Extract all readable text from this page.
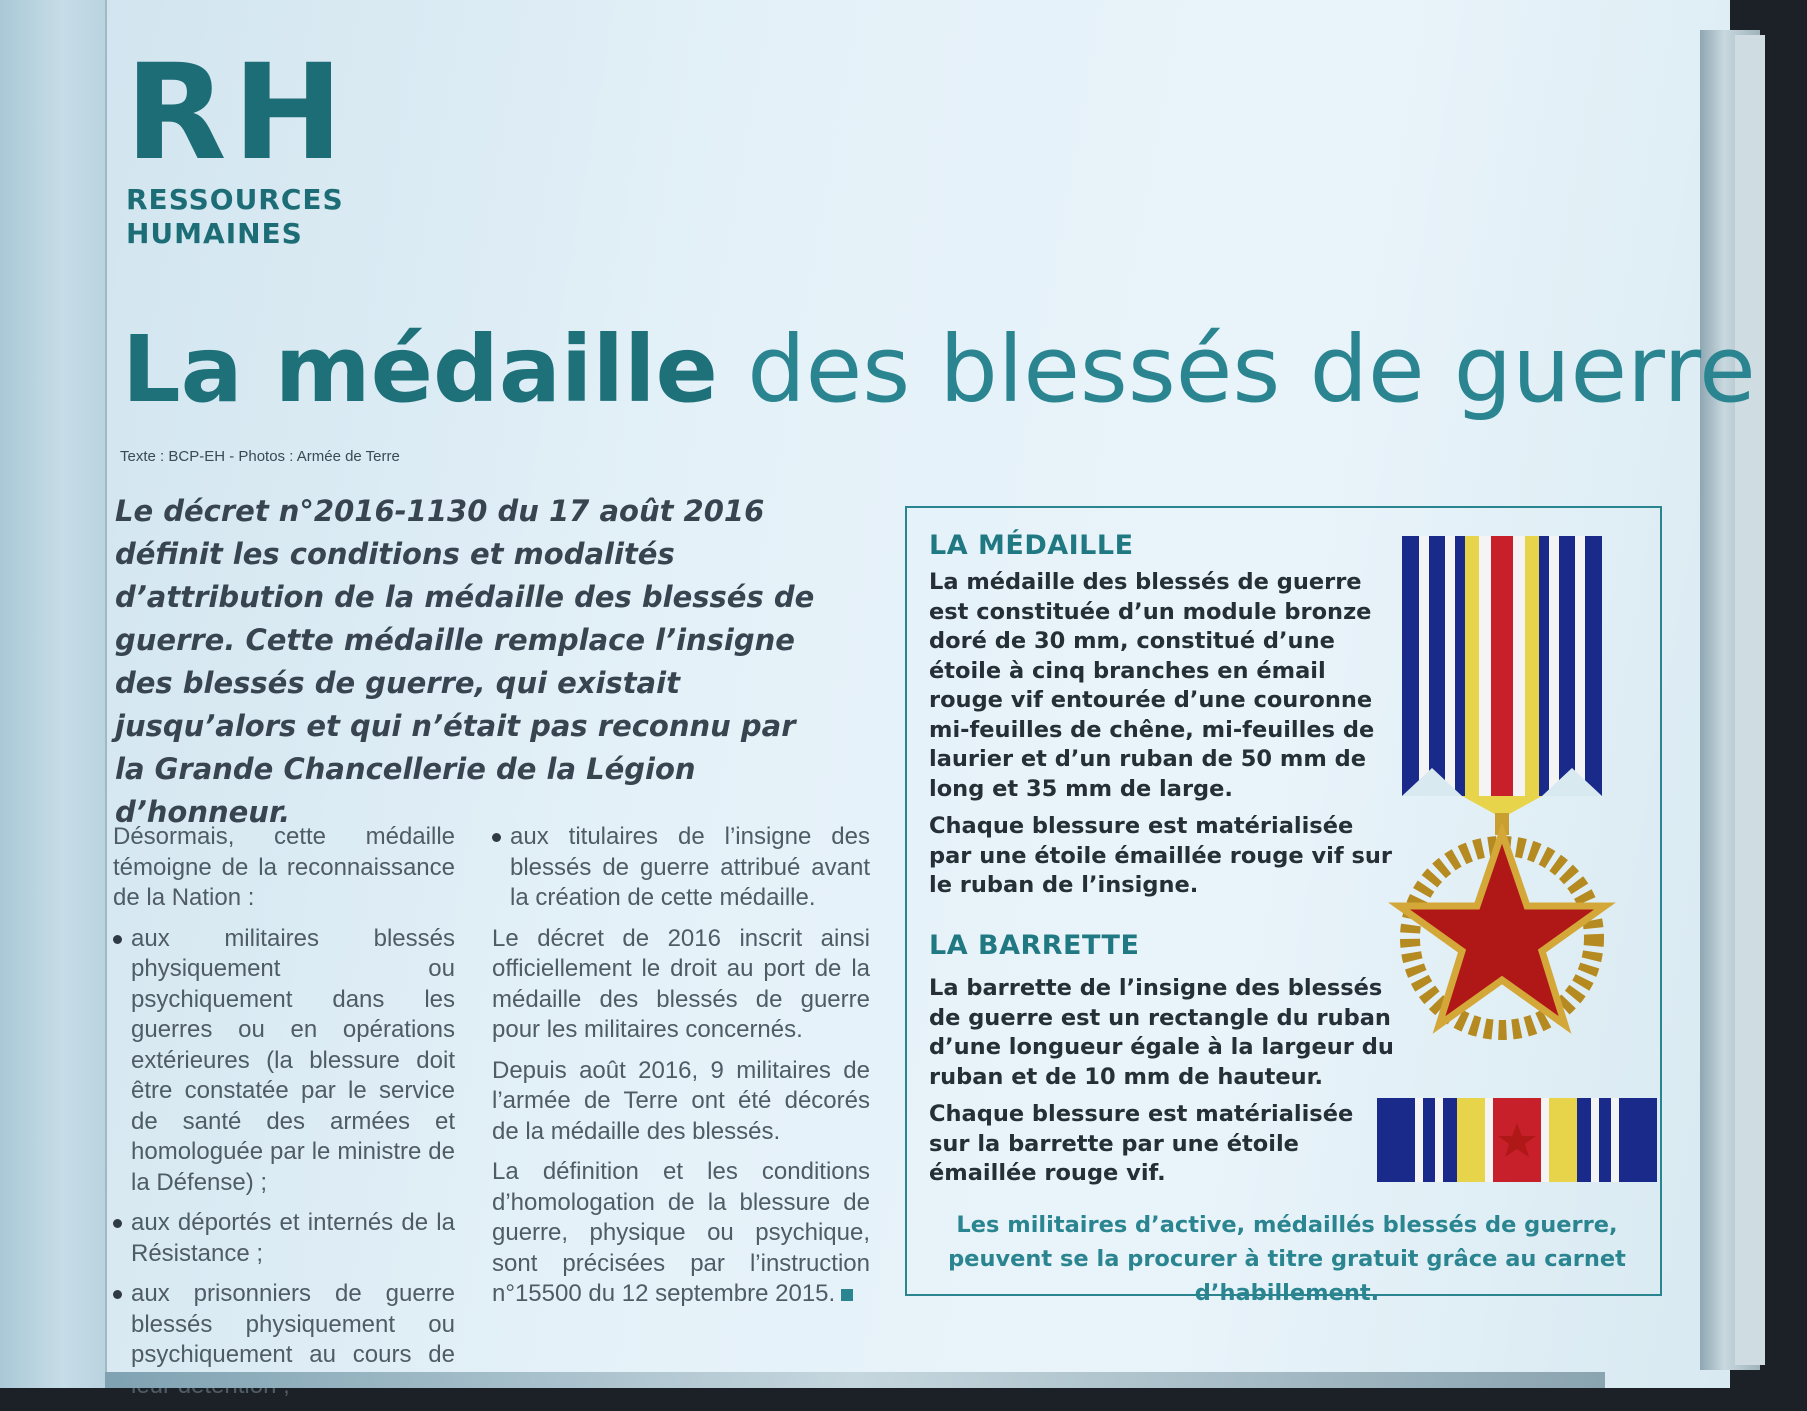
RH
RESSOURCES
HUMAINES
La médaille des blessés de guerre
Texte : BCP-EH - Photos : Armée de Terre
Le décret n°2016-1130 du 17 août 2016 définit les conditions et modalités d’attribution de la médaille des blessés de guerre. Cette médaille remplace l’insigne des blessés de guerre, qui existait jusqu’alors et qui n’était pas reconnu par la Grande Chancellerie de la Légion d’honneur.

Désormais, cette médaille témoigne de la reconnaissance de la Nation :

aux militaires blessés physiquement ou psychiquement dans les guerres ou en opérations extérieures (la blessure doit être constatée par le service de santé des armées et homologuée par le ministre de la Défense) ;
aux déportés et internés de la Résistance ;
aux prisonniers de guerre blessés physiquement ou psychiquement au cours de
aux titulaires de l’insigne des blessés de guerre attribué avant la création de cette médaille.

Le décret de 2016 inscrit ainsi officiellement le droit au port de la médaille des blessés de guerre pour les militaires concernés.

Depuis août 2016, 9 militaires de l’armée de Terre ont été décorés de la médaille des blessés.

La définition et les conditions d’homologation de la blessure de guerre, physique ou psychique, sont précisées par l’instruction n°15500 du 12 septembre 2015.

LA MÉDAILLE
La médaille des blessés de guerre est constituée d’un module bronze doré de 30 mm, constitué d’une étoile à cinq branches en émail rouge vif entourée d’une couronne mi-feuilles de chêne, mi-feuilles de laurier et d’un ruban de 50 mm de long et 35 mm de large.
Chaque blessure est matérialisée par une étoile émaillée rouge vif sur le ruban de l’insigne.
LA BARRETTE
La barrette de l’insigne des blessés de guerre est un rectangle du ruban d’une longueur égale à la largeur du ruban et de 10 mm de hauteur.
Chaque blessure est matérialisée sur la barrette par une étoile émaillée rouge vif.
Les militaires d’active, médaillés blessés de guerre, peuvent se la procurer à titre gratuit grâce au carnet d’habillement.
